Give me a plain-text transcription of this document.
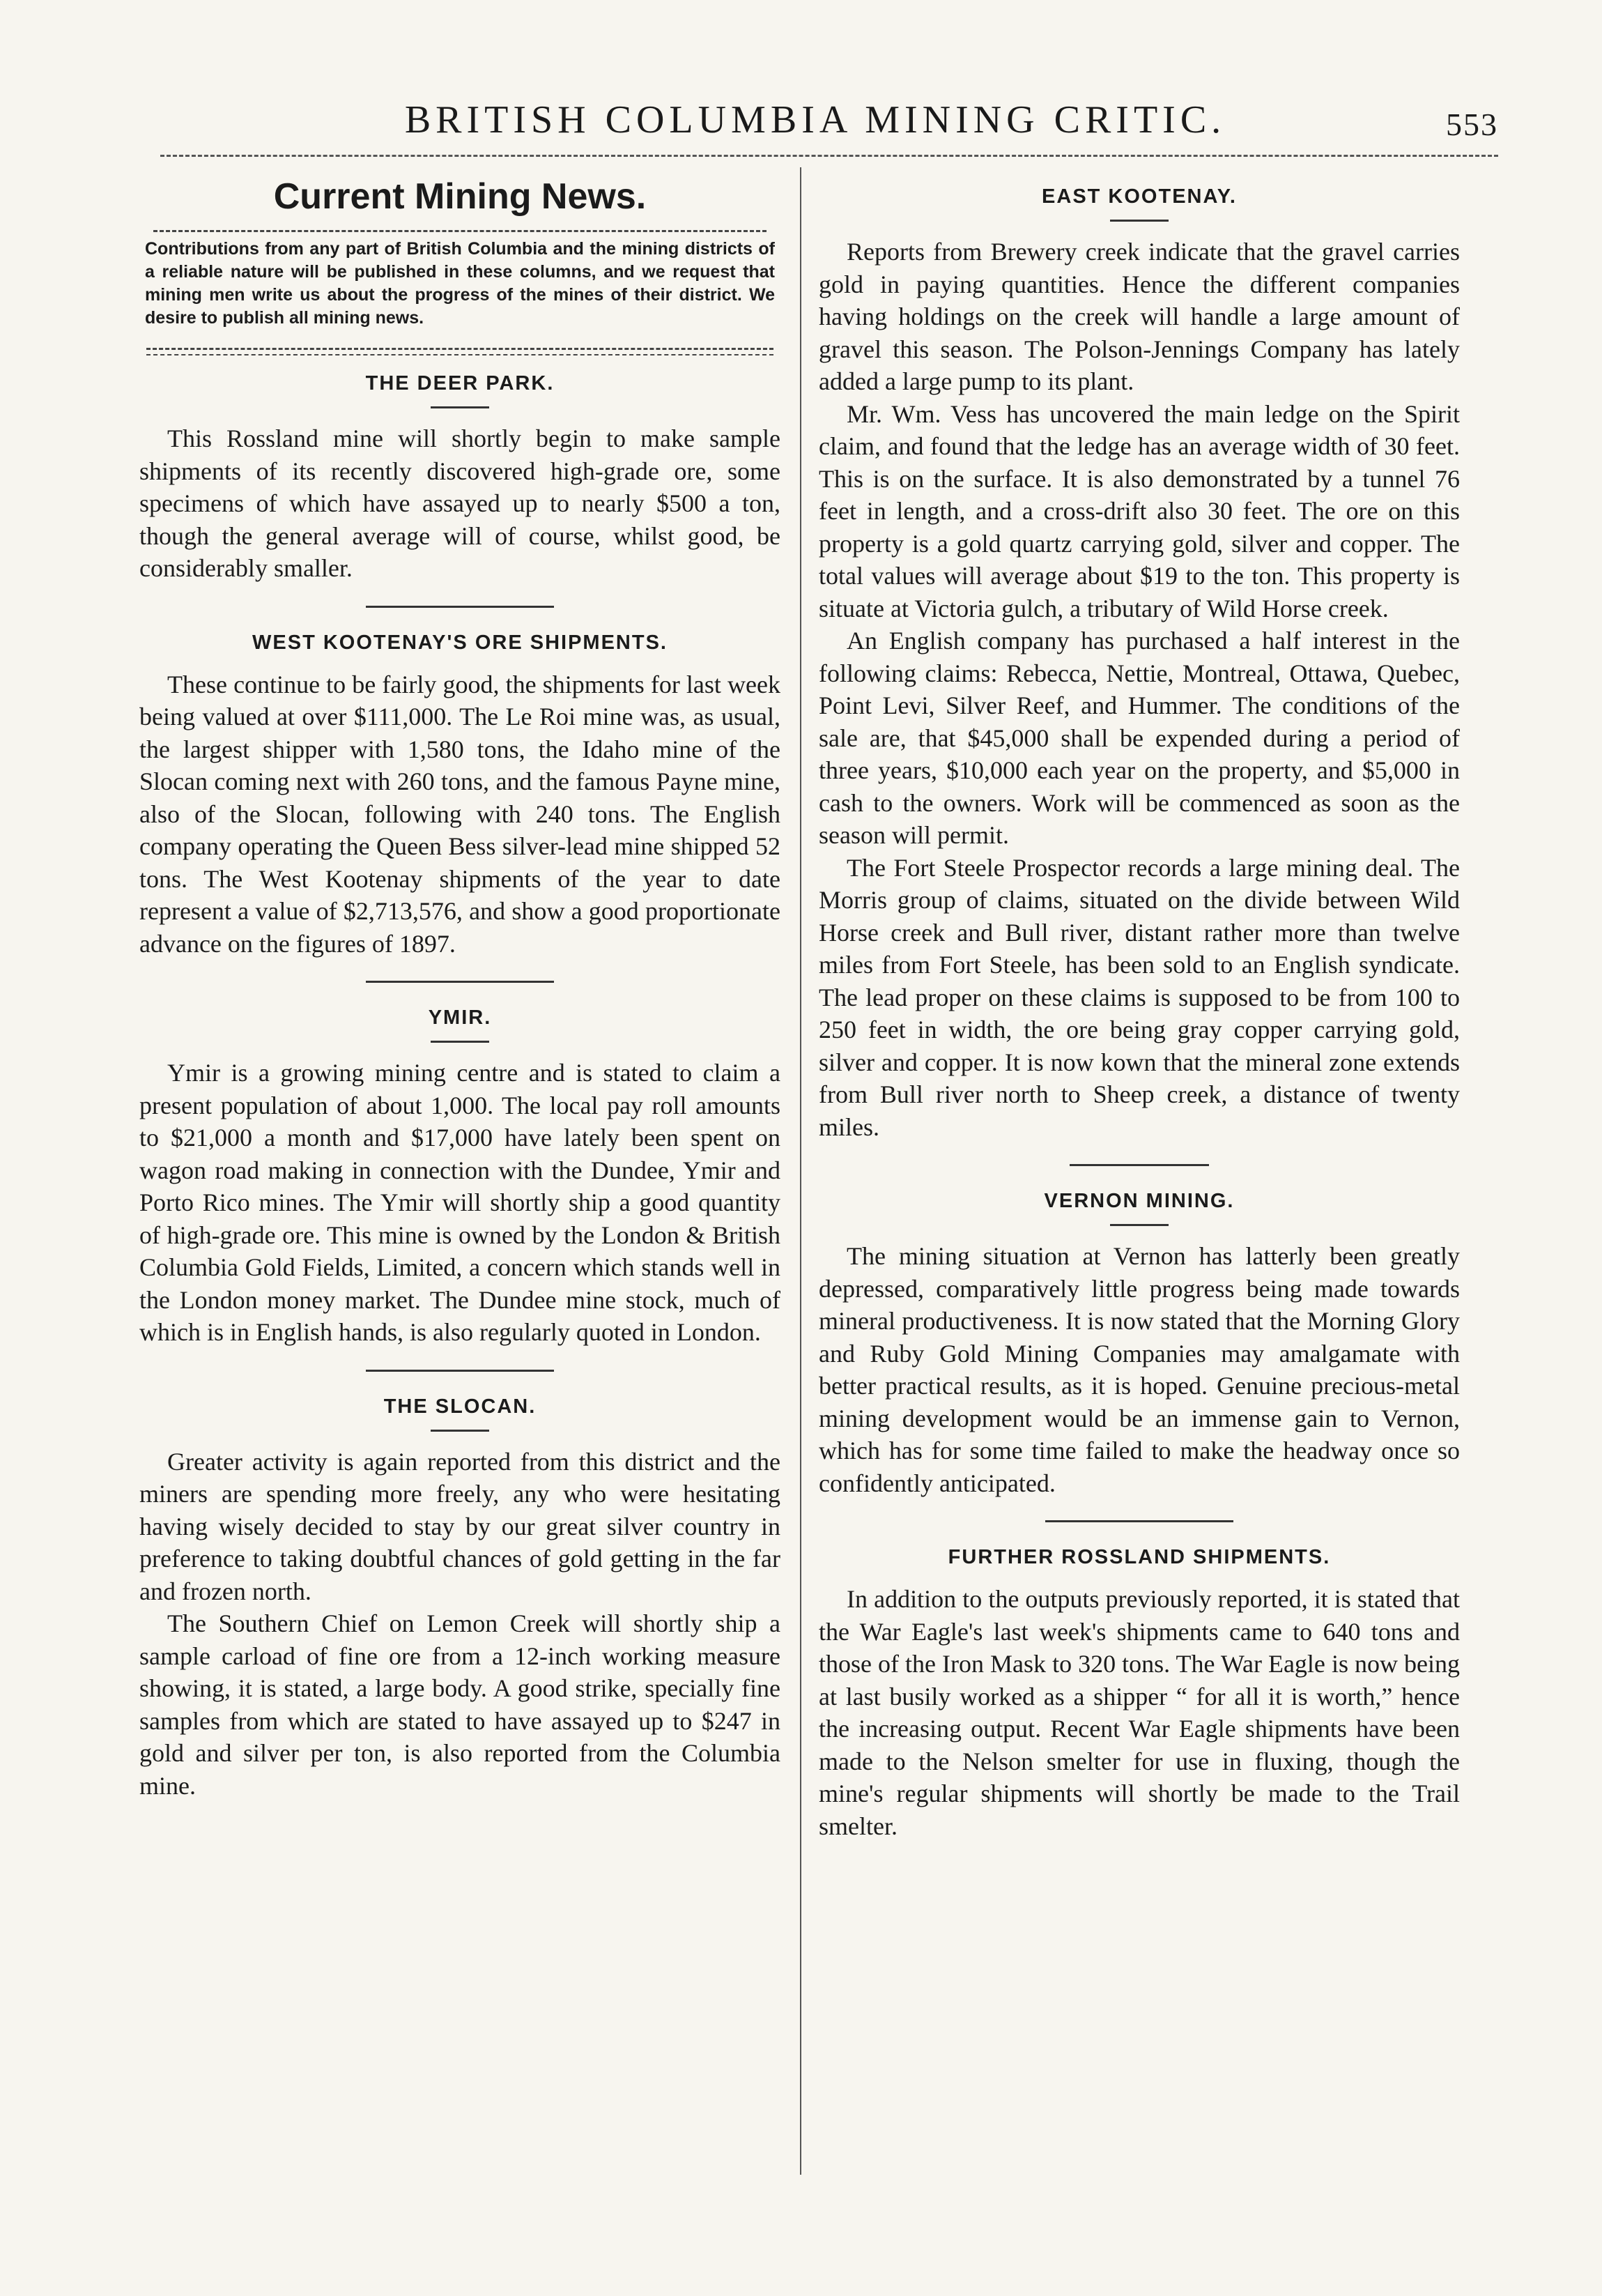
BRITISH COLUMBIA MINING CRITIC.	553
Current Mining News.

Contributions from any part of British Columbia and the mining districts of a reliable nature will be published in these columns, and we request that mining men write us about the progress of the mines of their district. We desire to publish all mining news.

THE DEER PARK.

This Rossland mine will shortly begin to make sample shipments of its recently discovered high-grade ore, some specimens of which have assayed up to nearly $500 a ton, though the general average will of course, whilst good, be considerably smaller.

WEST KOOTENAY'S ORE SHIPMENTS.

These continue to be fairly good, the shipments for last week being valued at over $111,000. The Le Roi mine was, as usual, the largest shipper with 1,580 tons, the Idaho mine of the Slocan coming next with 260 tons, and the famous Payne mine, also of the Slocan, following with 240 tons. The English company operating the Queen Bess silver-lead mine shipped 52 tons. The West Kootenay shipments of the year to date represent a value of $2,713,576, and show a good proportionate advance on the figures of 1897.

YMIR.

Ymir is a growing mining centre and is stated to claim a present population of about 1,000. The local pay roll amounts to $21,000 a month and $17,000 have lately been spent on wagon road making in connection with the Dundee, Ymir and Porto Rico mines. The Ymir will shortly ship a good quantity of high-grade ore. This mine is owned by the London & British Columbia Gold Fields, Limited, a concern which stands well in the London money market. The Dundee mine stock, much of which is in English hands, is also regularly quoted in London.

THE SLOCAN.

Greater activity is again reported from this district and the miners are spending more freely, any who were hesitating having wisely decided to stay by our great silver country in preference to taking doubtful chances of gold getting in the far and frozen north.

The Southern Chief on Lemon Creek will shortly ship a sample carload of fine ore from a 12-inch working measure showing, it is stated, a large body. A good strike, specially fine samples from which are stated to have assayed up to $247 in gold and silver per ton, is also reported from the Columbia mine.

EAST KOOTENAY.

Reports from Brewery creek indicate that the gravel carries gold in paying quantities. Hence the different companies having holdings on the creek will handle a large amount of gravel this season. The Polson-Jennings Company has lately added a large pump to its plant.

Mr. Wm. Vess has uncovered the main ledge on the Spirit claim, and found that the ledge has an average width of 30 feet. This is on the surface. It is also demonstrated by a tunnel 76 feet in length, and a cross-drift also 30 feet. The ore on this property is a gold quartz carrying gold, silver and copper. The total values will average about $19 to the ton. This property is situate at Victoria gulch, a tributary of Wild Horse creek.

An English company has purchased a half interest in the following claims: Rebecca, Nettie, Montreal, Ottawa, Quebec, Point Levi, Silver Reef, and Hummer. The conditions of the sale are, that $45,000 shall be expended during a period of three years, $10,000 each year on the property, and $5,000 in cash to the owners. Work will be commenced as soon as the season will permit.

The Fort Steele Prospector records a large mining deal. The Morris group of claims, situated on the divide between Wild Horse creek and Bull river, distant rather more than twelve miles from Fort Steele, has been sold to an English syndicate. The lead proper on these claims is supposed to be from 100 to 250 feet in width, the ore being gray copper carrying gold, silver and copper. It is now kown that the mineral zone extends from Bull river north to Sheep creek, a distance of twenty miles.

VERNON MINING.

The mining situation at Vernon has latterly been greatly depressed, comparatively little progress being made towards mineral productiveness. It is now stated that the Morning Glory and Ruby Gold Mining Companies may amalgamate with better practical results, as it is hoped. Genuine precious-metal mining development would be an immense gain to Vernon, which has for some time failed to make the headway once so confidently anticipated.

FURTHER ROSSLAND SHIPMENTS.

In addition to the outputs previously reported, it is stated that the War Eagle's last week's shipments came to 640 tons and those of the Iron Mask to 320 tons. The War Eagle is now being at last busily worked as a shipper “ for all it is worth,” hence the increasing output. Recent War Eagle shipments have been made to the Nelson smelter for use in fluxing, though the mine's regular shipments will shortly be made to the Trail smelter.
